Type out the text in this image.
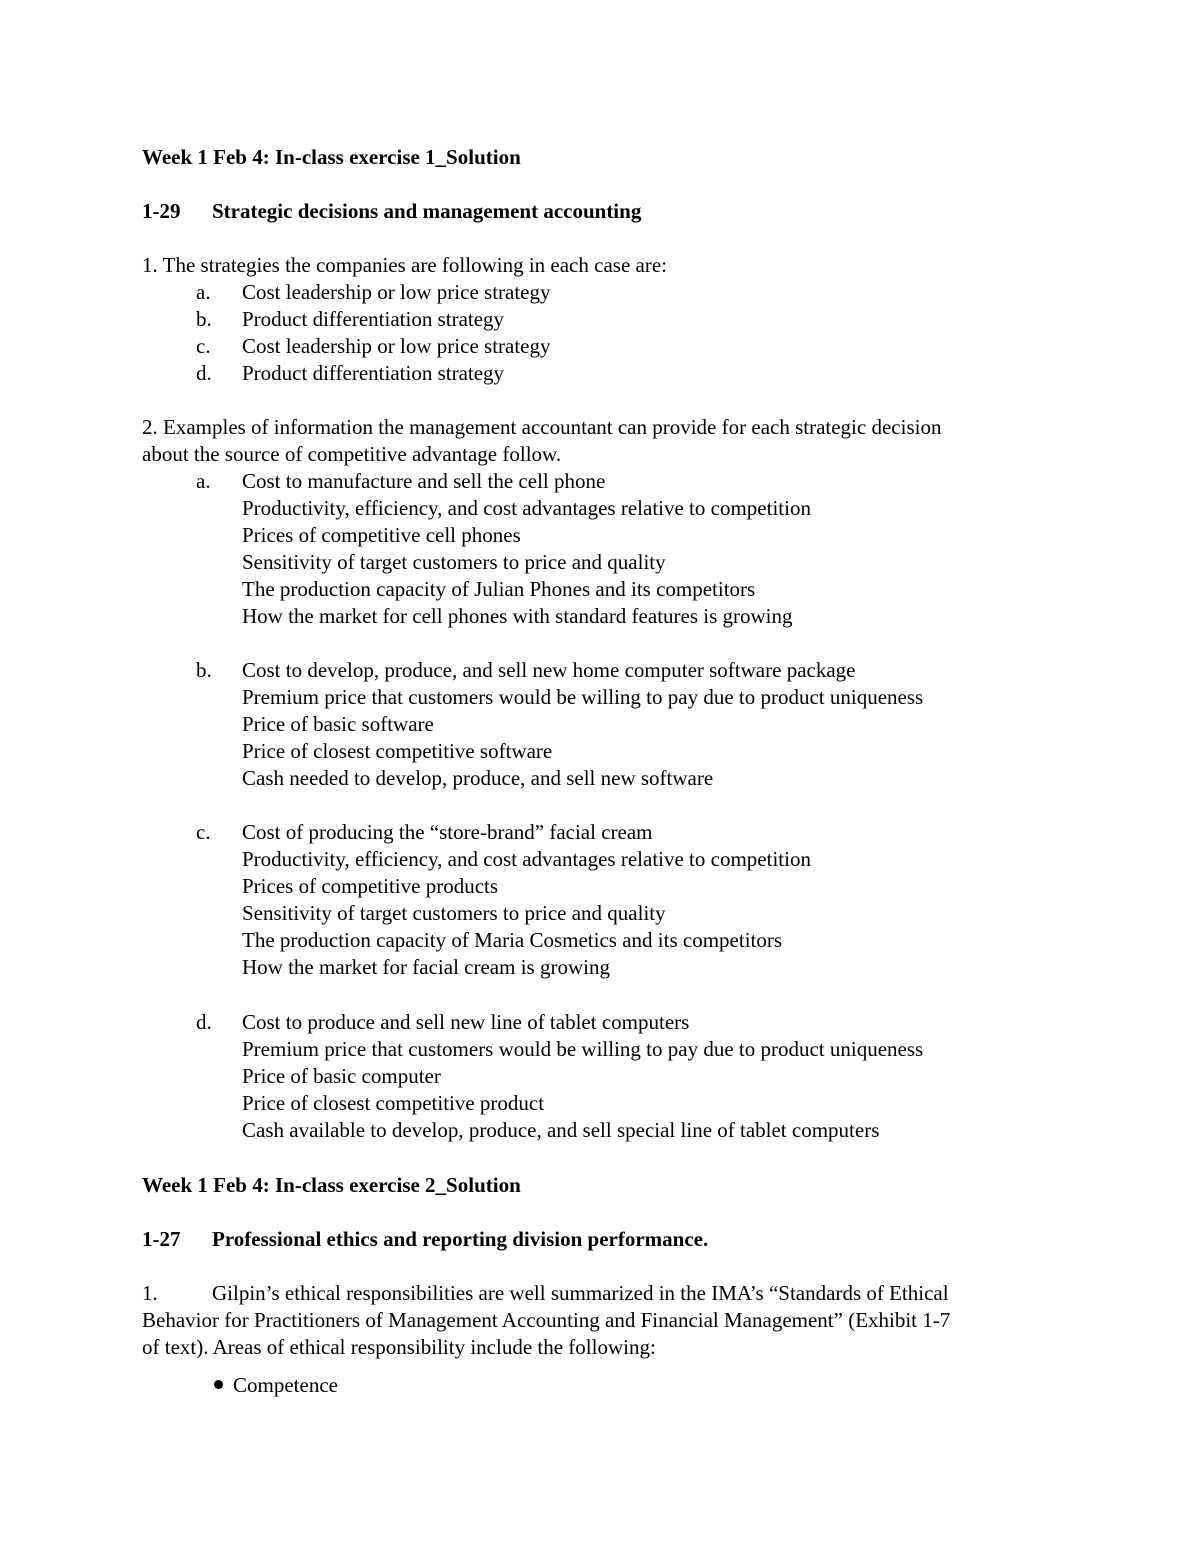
Week 1 Feb 4: In-class exercise 1_Solution
1-29 Strategic decisions and management accounting
1. The strategies the companies are following in each case are:
a. Cost leadership or low price strategy
b. Product differentiation strategy
c. Cost leadership or low price strategy
d. Product differentiation strategy
2. Examples of information the management accountant can provide for each strategic decision
about the source of competitive advantage follow.
a. Cost to manufacture and sell the cell phone
Productivity, efficiency, and cost advantages relative to competition
Prices of competitive cell phones
Sensitivity of target customers to price and quality
The production capacity of Julian Phones and its competitors
How the market for cell phones with standard features is growing
b. Cost to develop, produce, and sell new home computer software package
Premium price that customers would be willing to pay due to product uniqueness
Price of basic software
Price of closest competitive software
Cash needed to develop, produce, and sell new software
c. Cost of producing the “store-brand” facial cream
Productivity, efficiency, and cost advantages relative to competition
Prices of competitive products
Sensitivity of target customers to price and quality
The production capacity of Maria Cosmetics and its competitors
How the market for facial cream is growing
d. Cost to produce and sell new line of tablet computers
Premium price that customers would be willing to pay due to product uniqueness
Price of basic computer
Price of closest competitive product
Cash available to develop, produce, and sell special line of tablet computers
Week 1 Feb 4: In-class exercise 2_Solution
1-27 Professional ethics and reporting division performance.
1.	Gilpin’s ethical responsibilities are well summarized in the IMA’s “Standards of Ethical
Behavior for Practitioners of Management Accounting and Financial Management” (Exhibit 1-7
of text). Areas of ethical responsibility include the following:
Competence
